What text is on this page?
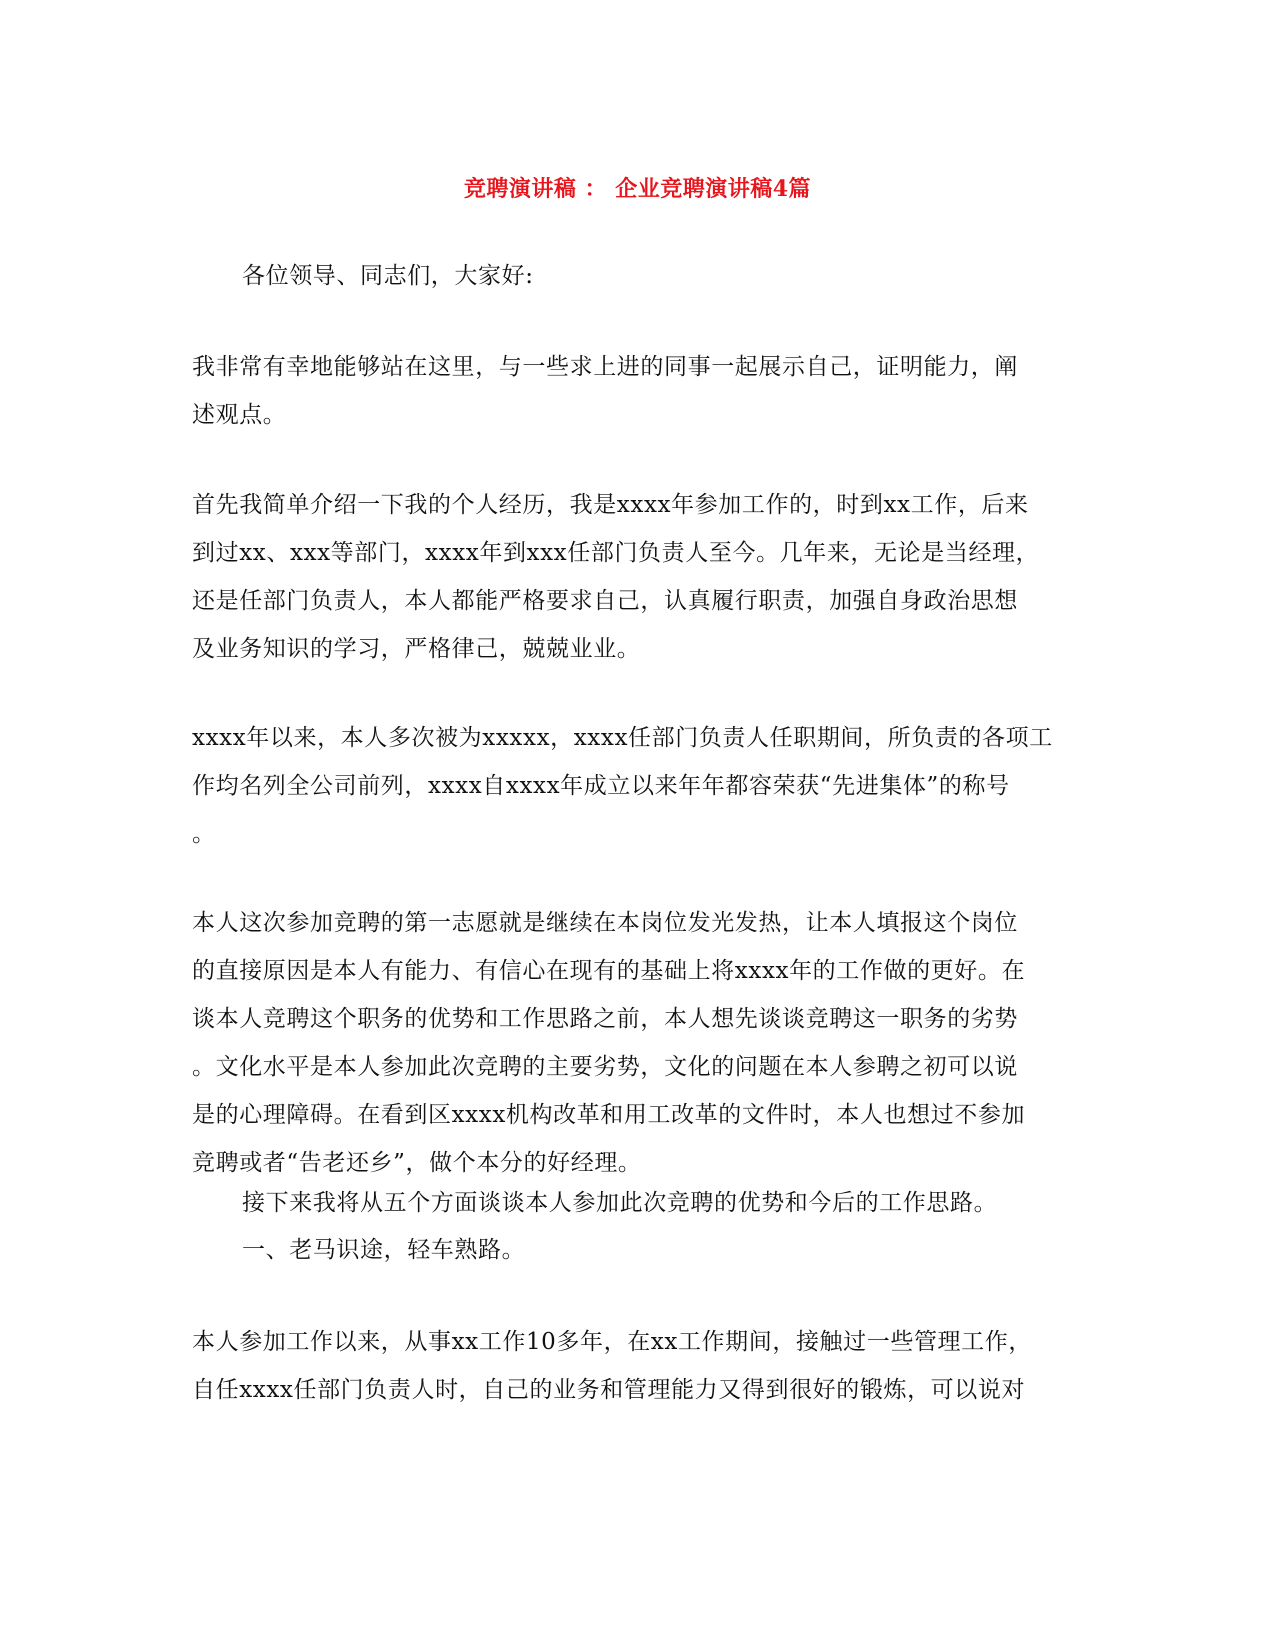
竞聘演讲稿 ： 企业竞聘演讲稿4篇
各位领导、同志们，大家好:
我非常有幸地能够站在这里，与一些求上进的同事一起展示自己，证明能力，阐
述观点。
首先我简单介绍一下我的个人经历，我是xxxx年参加工作的，时到xx工作，后来
到过xx、xxx等部门，xxxx年到xxx任部门负责人至今。几年来，无论是当经理，
还是任部门负责人，本人都能严格要求自己，认真履行职责，加强自身政治思想
及业务知识的学习，严格律己，兢兢业业。
xxxx年以来，本人多次被为xxxxx，xxxx任部门负责人任职期间，所负责的各项工
作均名列全公司前列，xxxx自xxxx年成立以来年年都容荣获“先进集体”的称号
。
本人这次参加竞聘的第一志愿就是继续在本岗位发光发热，让本人填报这个岗位
的直接原因是本人有能力、有信心在现有的基础上将xxxx年的工作做的更好。在
谈本人竞聘这个职务的优势和工作思路之前，本人想先谈谈竞聘这一职务的劣势
。文化水平是本人参加此次竞聘的主要劣势，文化的问题在本人参聘之初可以说
是的心理障碍。在看到区xxxx机构改革和用工改革的文件时，本人也想过不参加
竞聘或者“告老还乡”，做个本分的好经理。
接下来我将从五个方面谈谈本人参加此次竞聘的优势和今后的工作思路。
一、老马识途，轻车熟路。
本人参加工作以来，从事xx工作10多年，在xx工作期间，接触过一些管理工作，
自任xxxx任部门负责人时，自己的业务和管理能力又得到很好的锻炼，可以说对
